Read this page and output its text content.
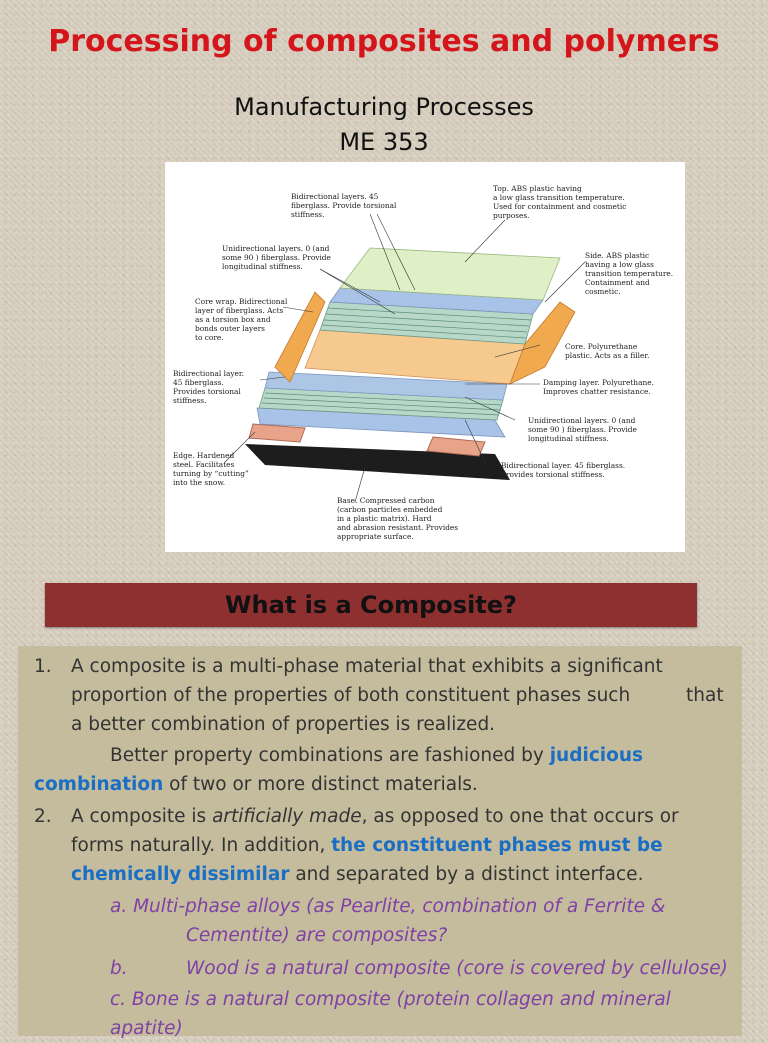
Processing of composites and polymers
Manufacturing Processes
ME 353
Bidirectional layers. 45 fiberglass. Provide torsional stiffness.
Top. ABS plastic having a low glass transition temperature. Used for containment and cosmetic purposes.
Unidirectional layers. 0 (and some 90 ) fiberglass. Provide longitudinal stiffness.
Side. ABS plastic having a low glass transition temperature. Containment and cosmetic.
Core wrap. Bidirectional layer of fiberglass. Acts as a torsion box and bonds outer layers to core.
Core. Polyurethane plastic. Acts as a filler.
Bidirectional layer. 45 fiberglass. Provides torsional stiffness.
Damping layer. Polyurethane. Improves chatter resistance.
Unidirectional layers. 0 (and some 90 ) fiberglass. Provide longitudinal stiffness.
Edge. Hardened steel. Facilitates turning by “cutting” into the snow.
Bidirectional layer. 45 fiberglass. Provides torsional stiffness.
Base. Compressed carbon (carbon particles embedded in a plastic matrix). Hard and abrasion resistant. Provides appropriate surface.
What is a Composite?
1. A composite is a multi-phase material that exhibits a significant
proportion of the properties of both constituent phases such	that
a better combination of properties is realized.
Better property combinations are fashioned by judicious
combination of two or more distinct materials.
2. A composite is artificially made, as opposed to one that occurs or
forms naturally. In addition, the constituent phases must be
chemically dissimilar and separated by a distinct interface.
a. Multi-phase alloys (as Pearlite, combination of a Ferrite &
Cementite) are composites?
b.	Wood is a natural composite (core is covered by cellulose)
c. Bone is a natural composite (protein collagen and mineral
apatite)
